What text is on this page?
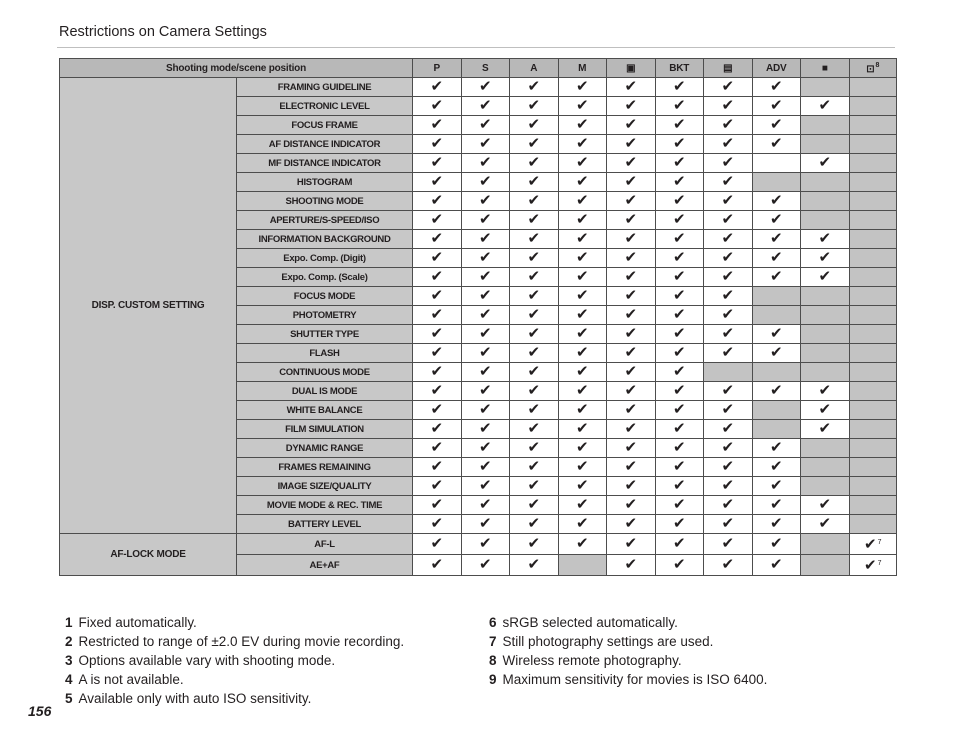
Restrictions on Camera Settings
Shooting mode/scene position		P	S	A	M	▣	BKT	▤	ADV	■	⊡$^8$
DISP. CUSTOM SETTING	FRAMING GUIDELINE	✔	✔	✔	✔	✔	✔	✔	✔		
	ELECTRONIC LEVEL	✔	✔	✔	✔	✔	✔	✔	✔	✔	
	FOCUS FRAME	✔	✔	✔	✔	✔	✔	✔	✔		
	AF DISTANCE INDICATOR	✔	✔	✔	✔	✔	✔	✔	✔		
	MF DISTANCE INDICATOR	✔	✔	✔	✔	✔	✔	✔		✔	
	HISTOGRAM	✔	✔	✔	✔	✔	✔	✔			
	SHOOTING MODE	✔	✔	✔	✔	✔	✔	✔	✔		
	APERTURE/S-SPEED/ISO	✔	✔	✔	✔	✔	✔	✔	✔		
	INFORMATION BACKGROUND	✔	✔	✔	✔	✔	✔	✔	✔	✔	
	Expo. Comp. (Digit)	✔	✔	✔	✔	✔	✔	✔	✔	✔	
	Expo. Comp. (Scale)	✔	✔	✔	✔	✔	✔	✔	✔	✔	
	FOCUS MODE	✔	✔	✔	✔	✔	✔	✔			
	PHOTOMETRY	✔	✔	✔	✔	✔	✔	✔			
	SHUTTER TYPE	✔	✔	✔	✔	✔	✔	✔	✔		
	FLASH	✔	✔	✔	✔	✔	✔	✔	✔		
	CONTINUOUS MODE	✔	✔	✔	✔	✔	✔				
	DUAL IS MODE	✔	✔	✔	✔	✔	✔	✔	✔	✔	
	WHITE BALANCE	✔	✔	✔	✔	✔	✔	✔		✔	
	FILM SIMULATION	✔	✔	✔	✔	✔	✔	✔		✔	
	DYNAMIC RANGE	✔	✔	✔	✔	✔	✔	✔	✔		
	FRAMES REMAINING	✔	✔	✔	✔	✔	✔	✔	✔		
	IMAGE SIZE/QUALITY	✔	✔	✔	✔	✔	✔	✔	✔		
	MOVIE MODE & REC. TIME	✔	✔	✔	✔	✔	✔	✔	✔	✔	
	BATTERY LEVEL	✔	✔	✔	✔	✔	✔	✔	✔	✔	
AF-LOCK MODE	AF-L	✔	✔	✔	✔	✔	✔	✔	✔		✔$^7$
	AE+AF	✔	✔	✔		✔	✔	✔	✔		✔$^7$
1 Fixed automatically.
2 Restricted to range of ±2.0 EV during movie recording.
3 Options available vary with shooting mode.
4 A is not available.
5 Available only with auto ISO sensitivity.
6 sRGB selected automatically.
7 Still photography settings are used.
8 Wireless remote photography.
9 Maximum sensitivity for movies is ISO 6400.
156
